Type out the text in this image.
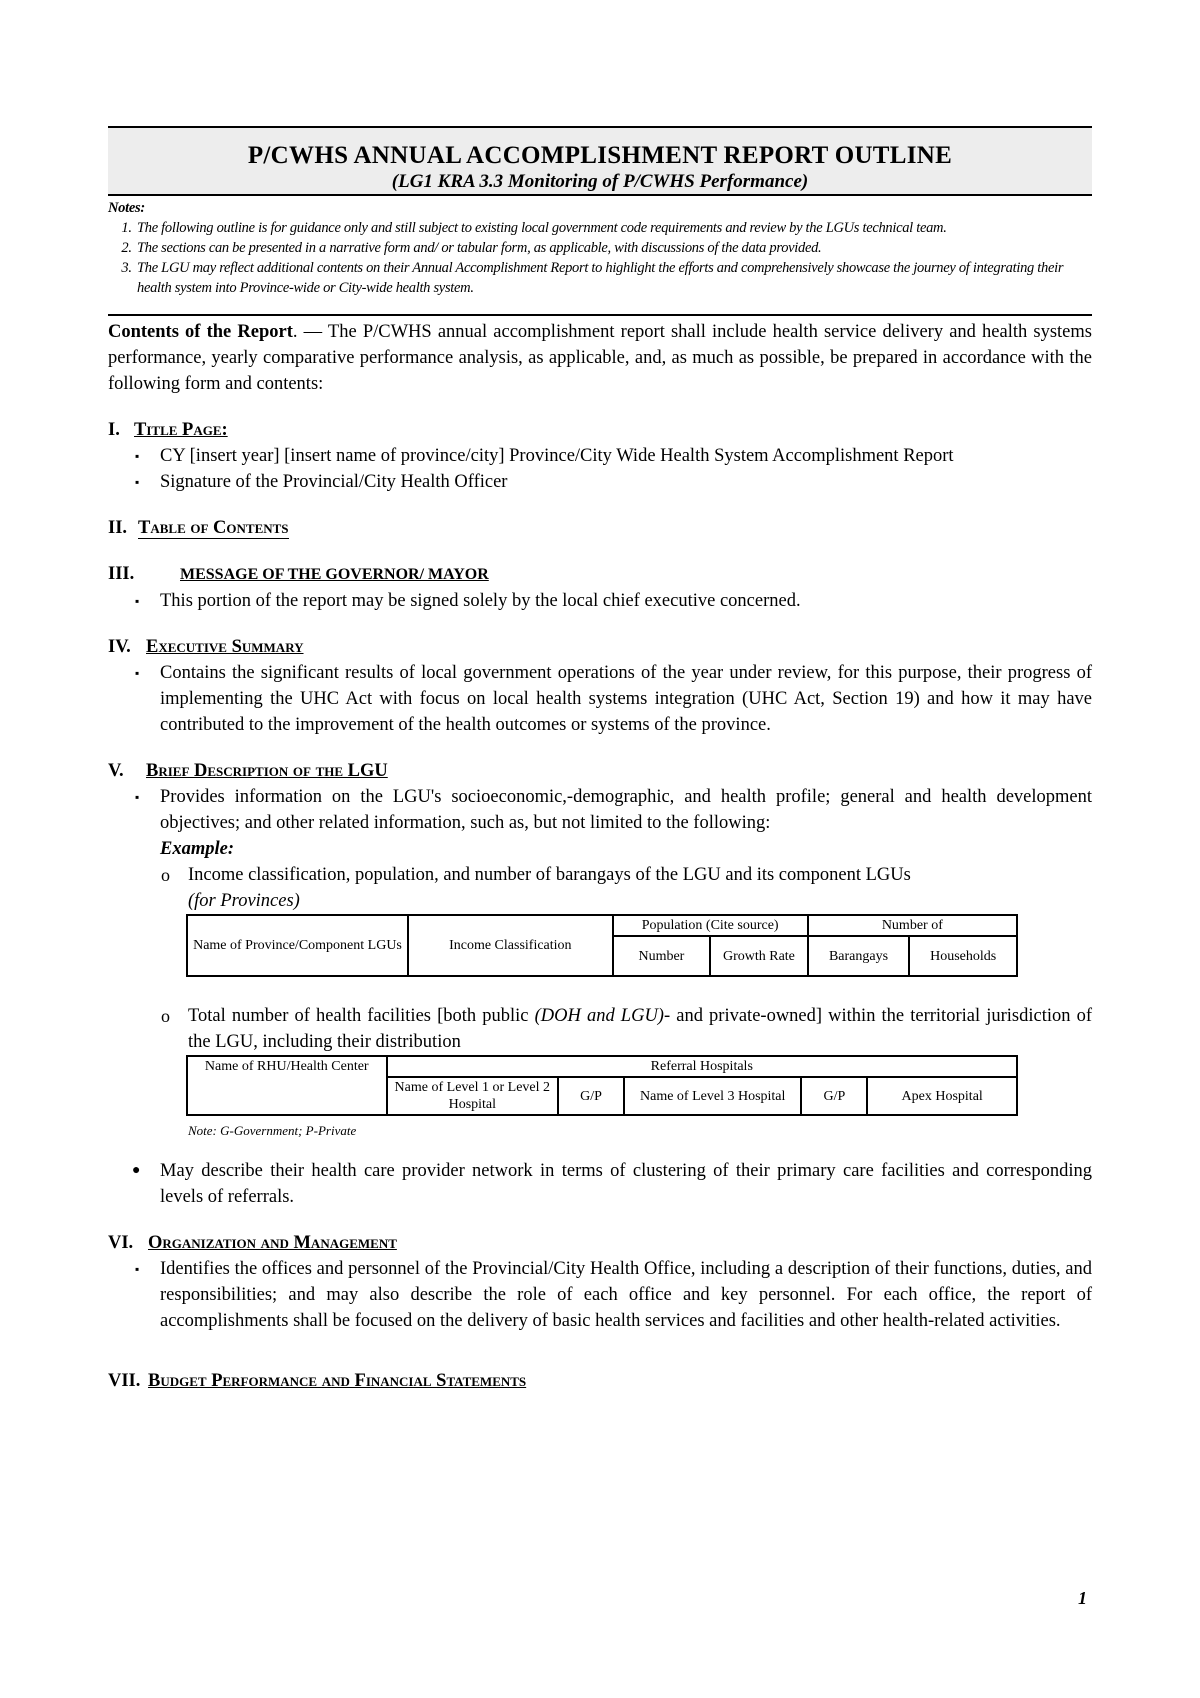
P/CWHS ANNUAL ACCOMPLISHMENT REPORT OUTLINE
(LG1 KRA 3.3 Monitoring of P/CWHS Performance)
Notes:
1. The following outline is for guidance only and still subject to existing local government code requirements and review by the LGUs technical team.
2. The sections can be presented in a narrative form and/ or tabular form, as applicable, with discussions of the data provided.
3. The LGU may reflect additional contents on their Annual Accomplishment Report to highlight the efforts and comprehensively showcase the journey of integrating their health system into Province-wide or City-wide health system.
Contents of the Report. — The P/CWHS annual accomplishment report shall include health service delivery and health systems performance, yearly comparative performance analysis, as applicable, and, as much as possible, be prepared in accordance with the following form and contents:
I. Title Page:
▪ CY [insert year] [insert name of province/city] Province/City Wide Health System Accomplishment Report
▪ Signature of the Provincial/City Health Officer
II. Table of Contents
III.	MESSAGE OF THE GOVERNOR/ MAYOR
▪ This portion of the report may be signed solely by the local chief executive concerned.
IV. Executive Summary
▪ Contains the significant results of local government operations of the year under review, for this purpose, their progress of implementing the UHC Act with focus on local health systems integration (UHC Act, Section 19) and how it may have contributed to the improvement of the health outcomes or systems of the province.
V. Brief Description of the LGU
▪ Provides information on the LGU's socioeconomic,-demographic, and health profile; general and health development objectives; and other related information, such as, but not limited to the following:
Example:
o Income classification, population, and number of barangays of the LGU and its component LGUs
(for Provinces)
Name of Province/Component LGUs	Income Classification	Population (Cite source)		Number of	
		Number	Growth Rate	Barangays	Households
o Total number of health facilities [both public (DOH and LGU)- and private-owned] within the territorial jurisdiction of the LGU, including their distribution
Name of RHU/Health Center	Referral Hospitals				
	Name of Level 1 or Level 2 Hospital	G/P	Name of Level 3 Hospital	G/P	Apex Hospital
Note: G-Government; P-Private
● May describe their health care provider network in terms of clustering of their primary care facilities and corresponding levels of referrals.
VI. Organization and Management
▪ Identifies the offices and personnel of the Provincial/City Health Office, including a description of their functions, duties, and responsibilities; and may also describe the role of each office and key personnel. For each office, the report of accomplishments shall be focused on the delivery of basic health services and facilities and other health-related activities.
VII. Budget Performance and Financial Statements
1
